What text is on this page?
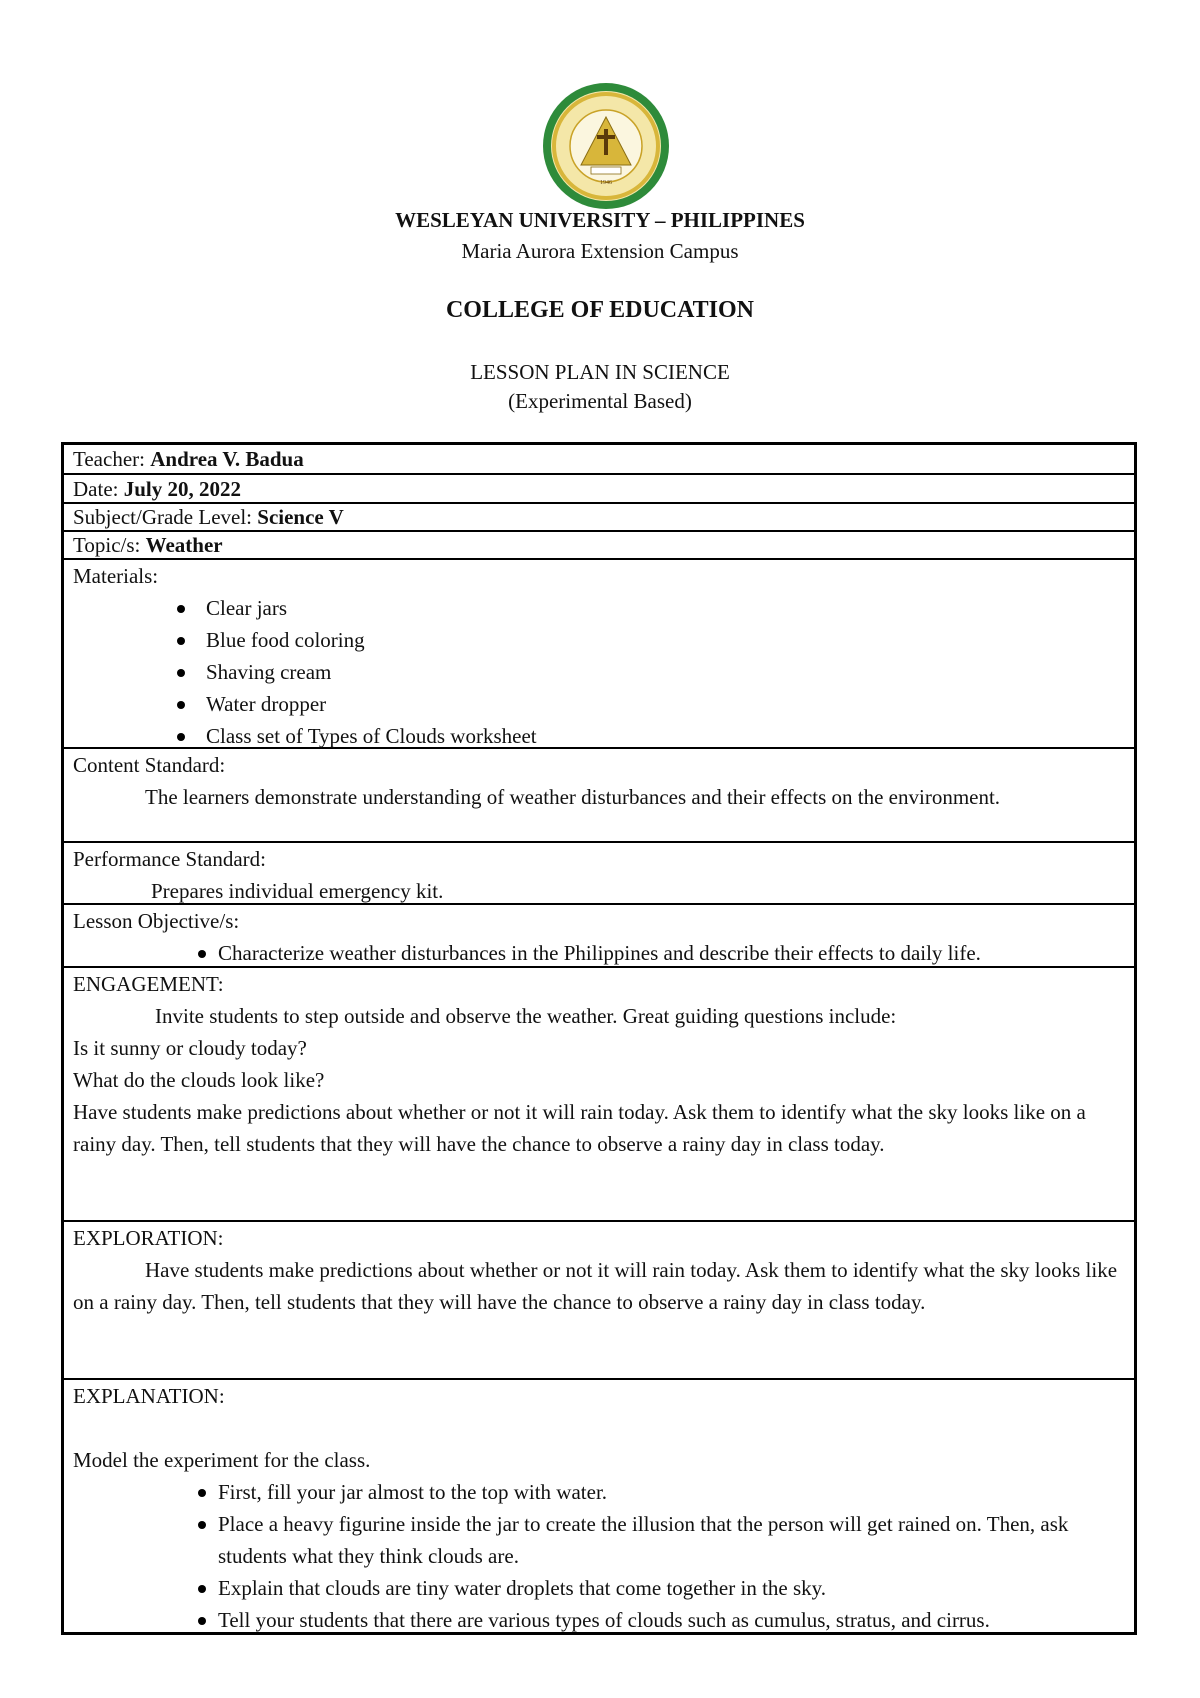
1946
WESLEYAN UNIVERSITY – PHILIPPINES
Maria Aurora Extension Campus
COLLEGE OF EDUCATION
LESSON PLAN IN SCIENCE
(Experimental Based)
Teacher: Andrea V. Badua
Date: July 20, 2022
Subject/Grade Level: Science V
Topic/s: Weather
Materials:
Clear jars
Blue food coloring
Shaving cream
Water dropper
Class set of Types of Clouds worksheet
Content Standard:
The learners demonstrate understanding of weather disturbances and their effects on the environment.
Performance Standard:
Prepares individual emergency kit.
Lesson Objective/s:
Characterize weather disturbances in the Philippines and describe their effects to daily life.
ENGAGEMENT:
Invite students to step outside and observe the weather. Great guiding questions include:
Is it sunny or cloudy today?
What do the clouds look like?
Have students make predictions about whether or not it will rain today. Ask them to identify what the sky looks like on a rainy day. Then, tell students that they will have the chance to observe a rainy day in class today.
EXPLORATION:
Have students make predictions about whether or not it will rain today. Ask them to identify what the sky looks like on a rainy day. Then, tell students that they will have the chance to observe a rainy day in class today.
EXPLANATION:
Model the experiment for the class.
First, fill your jar almost to the top with water.
Place a heavy figurine inside the jar to create the illusion that the person will get rained on. Then, ask students what they think clouds are.
Explain that clouds are tiny water droplets that come together in the sky.
Tell your students that there are various types of clouds such as cumulus, stratus, and cirrus.
